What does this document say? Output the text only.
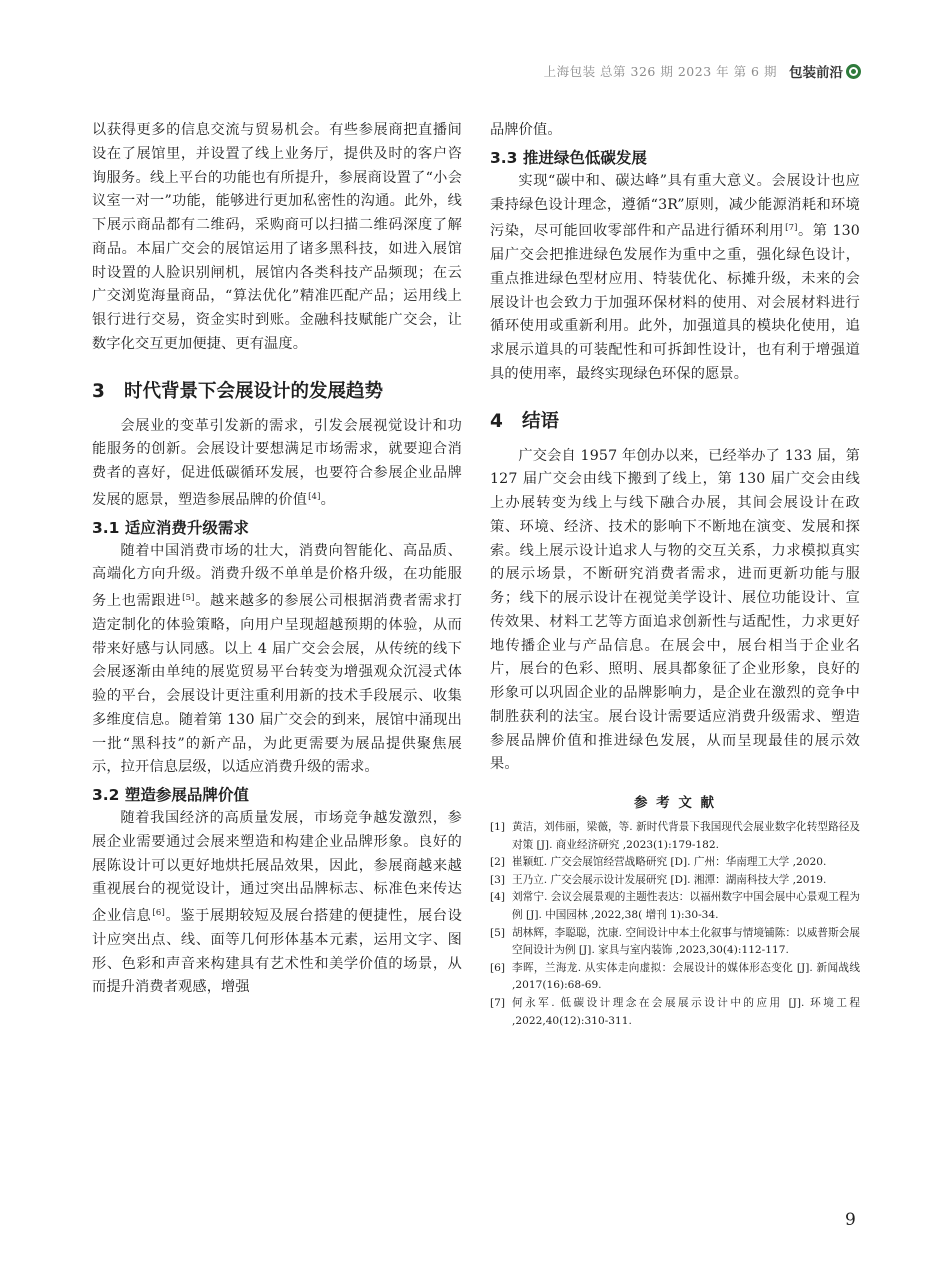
上海包装 总第 326 期 2023 年 第 6 期 包装前沿

以获得更多的信息交流与贸易机会。有些参展商把直播间设在了展馆里，并设置了线上业务厅，提供及时的客户咨询服务。线上平台的功能也有所提升，参展商设置了“小会议室一对一”功能，能够进行更加私密性的沟通。此外，线下展示商品都有二维码，采购商可以扫描二维码深度了解商品。本届广交会的展馆运用了诸多黑科技，如进入展馆时设置的人脸识别闸机，展馆内各类科技产品频现；在云广交浏览海量商品，“算法优化”精准匹配产品；运用线上银行进行交易，资金实时到账。金融科技赋能广交会，让数字化交互更加便捷、更有温度。

3 时代背景下会展设计的发展趋势

会展业的变革引发新的需求，引发会展视觉设计和功能服务的创新。会展设计要想满足市场需求，就要迎合消费者的喜好，促进低碳循环发展，也要符合参展企业品牌发展的愿景，塑造参展品牌的价值[4]。

3.1 适应消费升级需求

随着中国消费市场的壮大，消费向智能化、高品质、高端化方向升级。消费升级不单单是价格升级，在功能服务上也需跟进[5]。越来越多的参展公司根据消费者需求打造定制化的体验策略，向用户呈现超越预期的体验，从而带来好感与认同感。以上 4 届广交会会展，从传统的线下会展逐渐由单纯的展览贸易平台转变为增强观众沉浸式体验的平台，会展设计更注重利用新的技术手段展示、收集多维度信息。随着第 130 届广交会的到来，展馆中涌现出一批“黑科技”的新产品，为此更需要为展品提供聚焦展示，拉开信息层级，以适应消费升级的需求。

3.2 塑造参展品牌价值

随着我国经济的高质量发展，市场竞争越发激烈，参展企业需要通过会展来塑造和构建企业品牌形象。良好的展陈设计可以更好地烘托展品效果，因此，参展商越来越重视展台的视觉设计，通过突出品牌标志、标准色来传达企业信息[6]。鉴于展期较短及展台搭建的便捷性，展台设计应突出点、线、面等几何形体基本元素，运用文字、图形、色彩和声音来构建具有艺术性和美学价值的场景，从而提升消费者观感，增强

品牌价值。

3.3 推进绿色低碳发展

实现“碳中和、碳达峰”具有重大意义。会展设计也应秉持绿色设计理念，遵循“3R”原则，减少能源消耗和环境污染，尽可能回收零部件和产品进行循环利用[7]。第 130 届广交会把推进绿色发展作为重中之重，强化绿色设计，重点推进绿色型材应用、特装优化、标摊升级，未来的会展设计也会致力于加强环保材料的使用、对会展材料进行循环使用或重新利用。此外，加强道具的模块化使用，追求展示道具的可装配性和可拆卸性设计，也有利于增强道具的使用率，最终实现绿色环保的愿景。

4 结语

广交会自 1957 年创办以来，已经举办了 133 届，第 127 届广交会由线下搬到了线上，第 130 届广交会由线上办展转变为线上与线下融合办展，其间会展设计在政策、环境、经济、技术的影响下不断地在演变、发展和探索。线上展示设计追求人与物的交互关系，力求模拟真实的展示场景，不断研究消费者需求，进而更新功能与服务；线下的展示设计在视觉美学设计、展位功能设计、宣传效果、材料工艺等方面追求创新性与适配性，力求更好地传播企业与产品信息。在展会中，展台相当于企业名片，展台的色彩、照明、展具都象征了企业形象，良好的形象可以巩固企业的品牌影响力，是企业在激烈的竞争中制胜获利的法宝。展台设计需要适应消费升级需求、塑造参展品牌价值和推进绿色发展，从而呈现最佳的展示效果。

参 考 文 献
[1] 黄洁，刘伟丽，梁薇，等. 新时代背景下我国现代会展业数字化转型路径及对策 [J]. 商业经济研究 ,2023(1):179-182.
[2] 崔颖虹. 广交会展馆经营战略研究 [D]. 广州：华南理工大学 ,2020.
[3] 王乃立. 广交会展示设计发展研究 [D]. 湘潭：湖南科技大学 ,2019.
[4] 刘常宁. 会议会展景观的主题性表达：以福州数字中国会展中心景观工程为例 [J]. 中国园林 ,2022,38( 增刊 1):30-34.
[5] 胡林辉，李聪聪，沈康. 空间设计中本土化叙事与情境铺陈：以威普斯会展空间设计为例 [J]. 家具与室内装饰 ,2023,30(4):112-117.
[6] 李晖，兰海龙. 从实体走向虚拟：会展设计的媒体形态变化 [J]. 新闻战线 ,2017(16):68-69.
[7] 何永军. 低碳设计理念在会展展示设计中的应用 [J]. 环境工程 ,2022,40(12):310-311.
9
